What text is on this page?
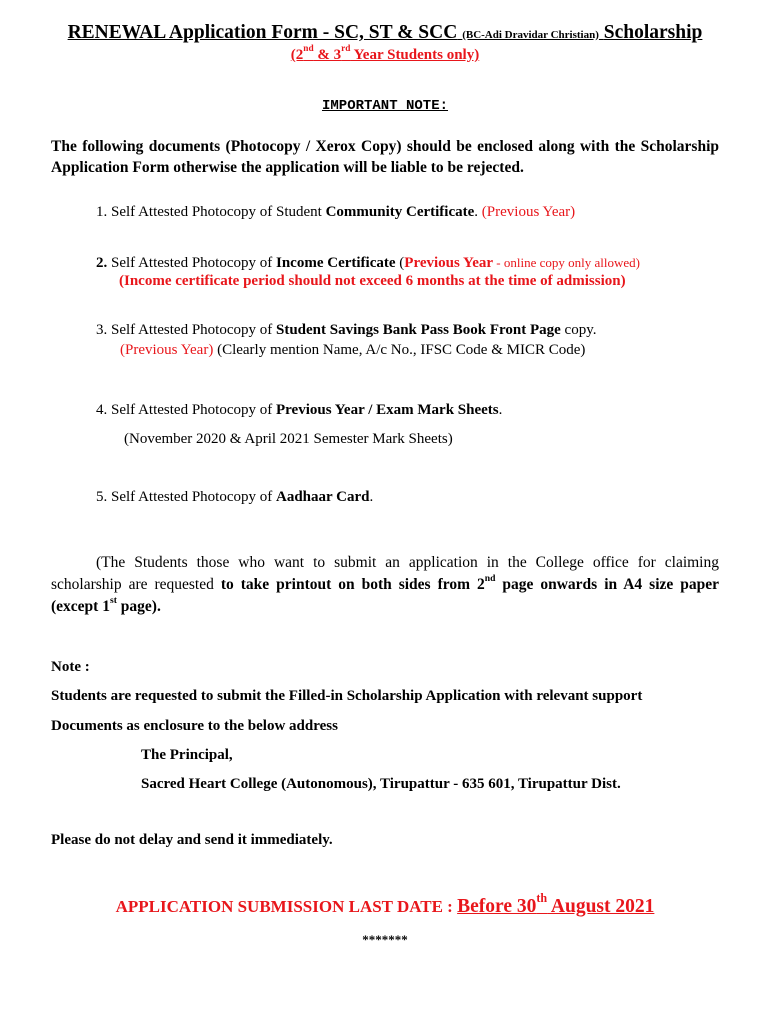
RENEWAL Application Form - SC, ST & SCC (BC-Adi Dravidar Christian) Scholarship
(2nd & 3rd Year Students only)
IMPORTANT NOTE:
The following documents (Photocopy / Xerox Copy) should be enclosed along with the Scholarship Application Form otherwise the application will be liable to be rejected.
1. Self Attested Photocopy of Student Community Certificate. (Previous Year)
2. Self Attested Photocopy of Income Certificate (Previous Year - online copy only allowed)
(Income certificate period should not exceed 6 months at the time of admission)
3. Self Attested Photocopy of Student Savings Bank Pass Book Front Page copy.
(Previous Year) (Clearly mention Name, A/c No., IFSC Code & MICR Code)
4. Self Attested Photocopy of Previous Year / Exam Mark Sheets.
(November 2020 & April 2021 Semester Mark Sheets)
5. Self Attested Photocopy of Aadhaar Card.
(The Students those who want to submit an application in the College office for claiming scholarship are requested to take printout on both sides from 2nd page onwards in A4 size paper (except 1st page).
Note :
Students are requested to submit the Filled-in Scholarship Application with relevant support
Documents as enclosure to the below address
The Principal,
Sacred Heart College (Autonomous), Tirupattur - 635 601, Tirupattur Dist.
Please do not delay and send it immediately.
APPLICATION SUBMISSION LAST DATE : Before 30th August 2021
*******
